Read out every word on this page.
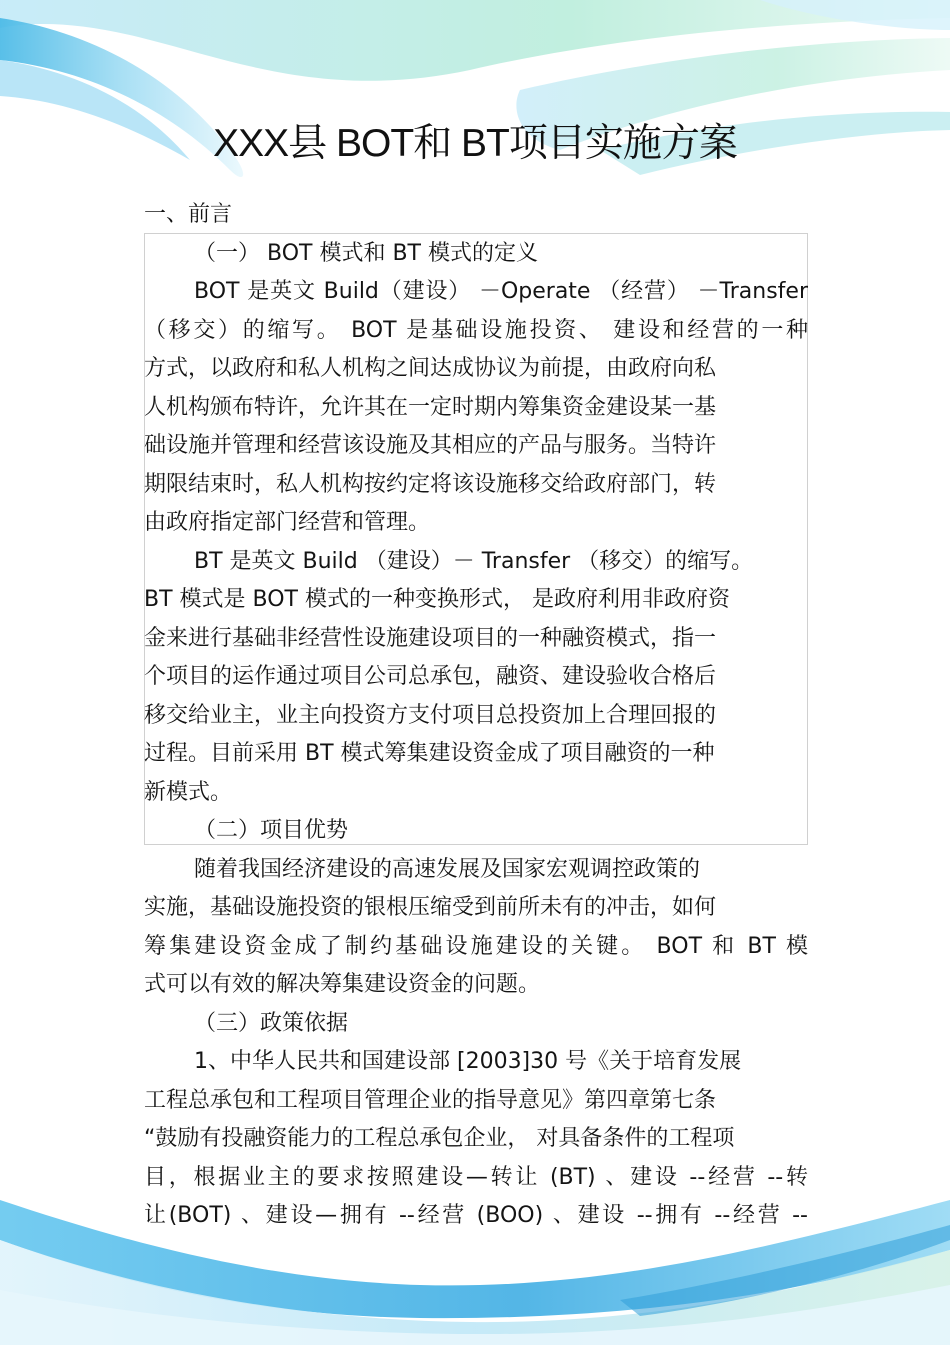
XXX县 BOT和 BT项目实施方案
一、前言
（一） BOT 模式和 BT 模式的定义
BOT 是英文 Build（建设） －Operate （经营） －Transfer
（移交）的缩写。 BOT 是基础设施投资、 建设和经营的一种
方式，以政府和私人机构之间达成协议为前提，由政府向私
人机构颁布特许，允许其在一定时期内筹集资金建设某一基
础设施并管理和经营该设施及其相应的产品与服务。当特许
期限结束时，私人机构按约定将该设施移交给政府部门，转
由政府指定部门经营和管理。
BT 是英文 Build （建设）－ Transfer （移交）的缩写。
BT 模式是 BOT 模式的一种变换形式， 是政府利用非政府资
金来进行基础非经营性设施建设项目的一种融资模式，指一
个项目的运作通过项目公司总承包，融资、建设验收合格后
移交给业主，业主向投资方支付项目总投资加上合理回报的
过程。目前采用 BT 模式筹集建设资金成了项目融资的一种
新模式。
（二）项目优势
随着我国经济建设的高速发展及国家宏观调控政策的
实施，基础设施投资的银根压缩受到前所未有的冲击，如何
筹集建设资金成了制约基础设施建设的关键。 BOT 和 BT 模
式可以有效的解决筹集建设资金的问题。
（三）政策依据
1、中华人民共和国建设部 [2003]30 号《关于培育发展
工程总承包和工程项目管理企业的指导意见》第四章第七条
“鼓励有投融资能力的工程总承包企业， 对具备条件的工程项
目，根据业主的要求按照建设—转让 (BT) 、建设 --经营 --转
让(BOT) 、建设—拥有 --经营 (BOO) 、建设 --拥有 --经营 --
